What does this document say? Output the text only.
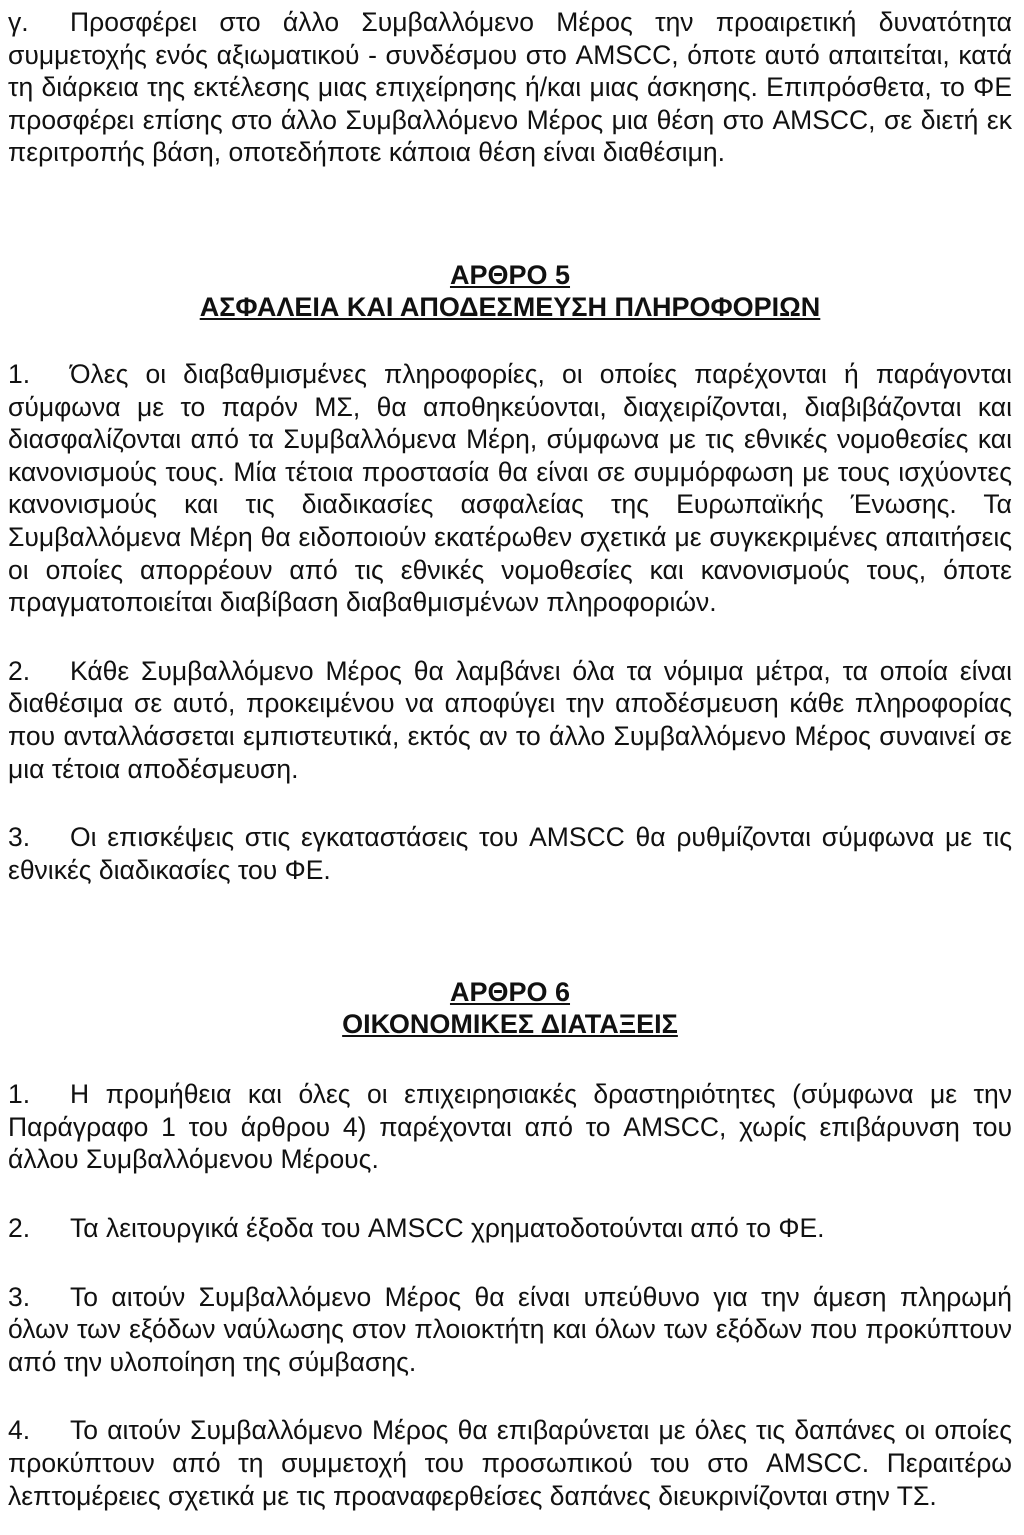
γ. Προσφέρει στο άλλο Συμβαλλόμενο Μέρος την προαιρετική δυνατότητα συμμετοχής ενός αξιωματικού - συνδέσμου στο AMSCC, όποτε αυτό απαιτείται, κατά τη διάρκεια της εκτέλεσης μιας επιχείρησης ή/και μιας άσκησης. Επιπρόσθετα, το ΦΕ προσφέρει επίσης στο άλλο Συμβαλλόμενο Μέρος μια θέση στο AMSCC, σε διετή εκ περιτροπής βάση, οποτεδήποτε κάποια θέση είναι διαθέσιμη.

ΑΡΘΡΟ 5

ΑΣΦΑΛΕΙΑ ΚΑΙ ΑΠΟΔΕΣΜΕΥΣΗ ΠΛΗΡΟΦΟΡΙΩΝ

1. Όλες οι διαβαθμισμένες πληροφορίες, οι οποίες παρέχονται ή παράγονται σύμφωνα με το παρόν ΜΣ, θα αποθηκεύονται, διαχειρίζονται, διαβιβάζονται και διασφαλίζονται από τα Συμβαλλόμενα Μέρη, σύμφωνα με τις εθνικές νομοθεσίες και κανονισμούς τους. Μία τέτοια προστασία θα είναι σε συμμόρφωση με τους ισχύοντες κανονισμούς και τις διαδικασίες ασφαλείας της Ευρωπαϊκής Ένωσης. Τα Συμβαλλόμενα Μέρη θα ειδοποιούν εκατέρωθεν σχετικά με συγκεκριμένες απαιτήσεις οι οποίες απορρέουν από τις εθνικές νομοθεσίες και κανονισμούς τους, όποτε πραγματοποιείται διαβίβαση διαβαθμισμένων πληροφοριών.

2. Κάθε Συμβαλλόμενο Μέρος θα λαμβάνει όλα τα νόμιμα μέτρα, τα οποία είναι διαθέσιμα σε αυτό, προκειμένου να αποφύγει την αποδέσμευση κάθε πληροφορίας που ανταλλάσσεται εμπιστευτικά, εκτός αν το άλλο Συμβαλλόμενο Μέρος συναινεί σε μια τέτοια αποδέσμευση.

3. Οι επισκέψεις στις εγκαταστάσεις του AMSCC θα ρυθμίζονται σύμφωνα με τις εθνικές διαδικασίες του ΦΕ.

ΑΡΘΡΟ 6

ΟΙΚΟΝΟΜΙΚΕΣ ΔΙΑΤΑΞΕΙΣ

1. Η προμήθεια και όλες οι επιχειρησιακές δραστηριότητες (σύμφωνα με την Παράγραφο 1 του άρθρου 4) παρέχονται από το AMSCC, χωρίς επιβάρυνση του άλλου Συμβαλλόμενου Μέρους.

2. Τα λειτουργικά έξοδα του AMSCC χρηματοδοτούνται από το ΦΕ.

3. Το αιτούν Συμβαλλόμενο Μέρος θα είναι υπεύθυνο για την άμεση πληρωμή όλων των εξόδων ναύλωσης στον πλοιοκτήτη και όλων των εξόδων που προκύπτουν από την υλοποίηση της σύμβασης.

4. Το αιτούν Συμβαλλόμενο Μέρος θα επιβαρύνεται με όλες τις δαπάνες οι οποίες προκύπτουν από τη συμμετοχή του προσωπικού του στο AMSCC. Περαιτέρω λεπτομέρειες σχετικά με τις προαναφερθείσες δαπάνες διευκρινίζονται στην ΤΣ.
